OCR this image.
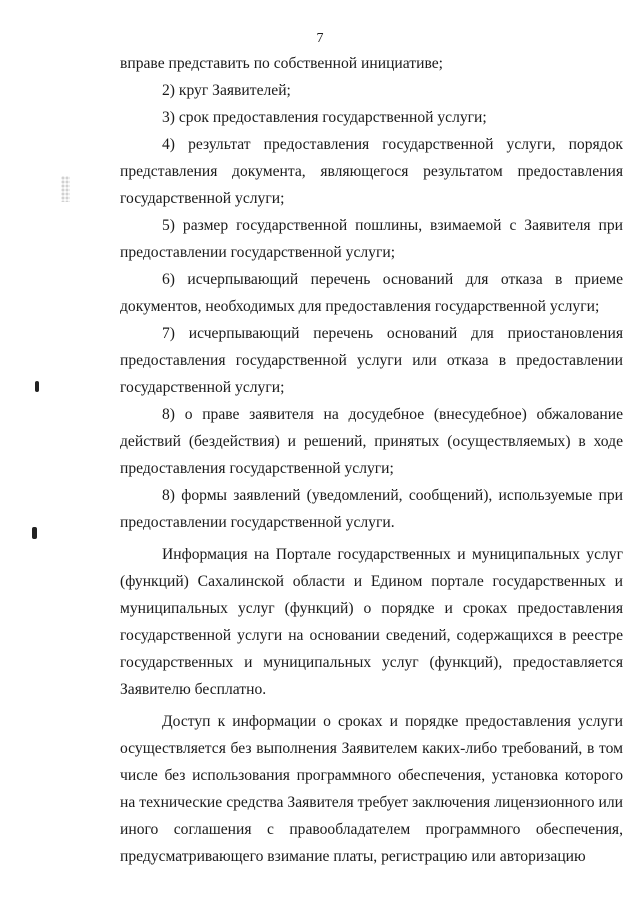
7

вправе представить по собственной инициативе;

2) круг Заявителей;

3) срок предоставления государственной услуги;

4) результат предоставления государственной услуги, порядок представления документа, являющегося результатом предоставления государственной услуги;

5) размер государственной пошлины, взимаемой с Заявителя при предоставлении государственной услуги;

6) исчерпывающий перечень оснований для отказа в приеме документов, необходимых для предоставления государственной услуги;

7) исчерпывающий перечень оснований для приостановления предоставления государственной услуги или отказа в предоставлении государственной услуги;

8) о праве заявителя на досудебное (внесудебное) обжалование действий (бездействия) и решений, принятых (осуществляемых) в ходе предоставления государственной услуги;

8) формы заявлений (уведомлений, сообщений), используемые при предоставлении государственной услуги.

Информация на Портале государственных и муниципальных услуг (функций) Сахалинской области и Едином портале государственных и муниципальных услуг (функций) о порядке и сроках предоставления государственной услуги на основании сведений, содержащихся в реестре государственных и муниципальных услуг (функций), предоставляется Заявителю бесплатно.

Доступ к информации о сроках и порядке предоставления услуги осуществляется без выполнения Заявителем каких-либо требований, в том числе без использования программного обеспечения, установка которого на технические средства Заявителя требует заключения лицензионного или иного соглашения с правообладателем программного обеспечения, предусматривающего взимание платы, регистрацию или авторизацию
